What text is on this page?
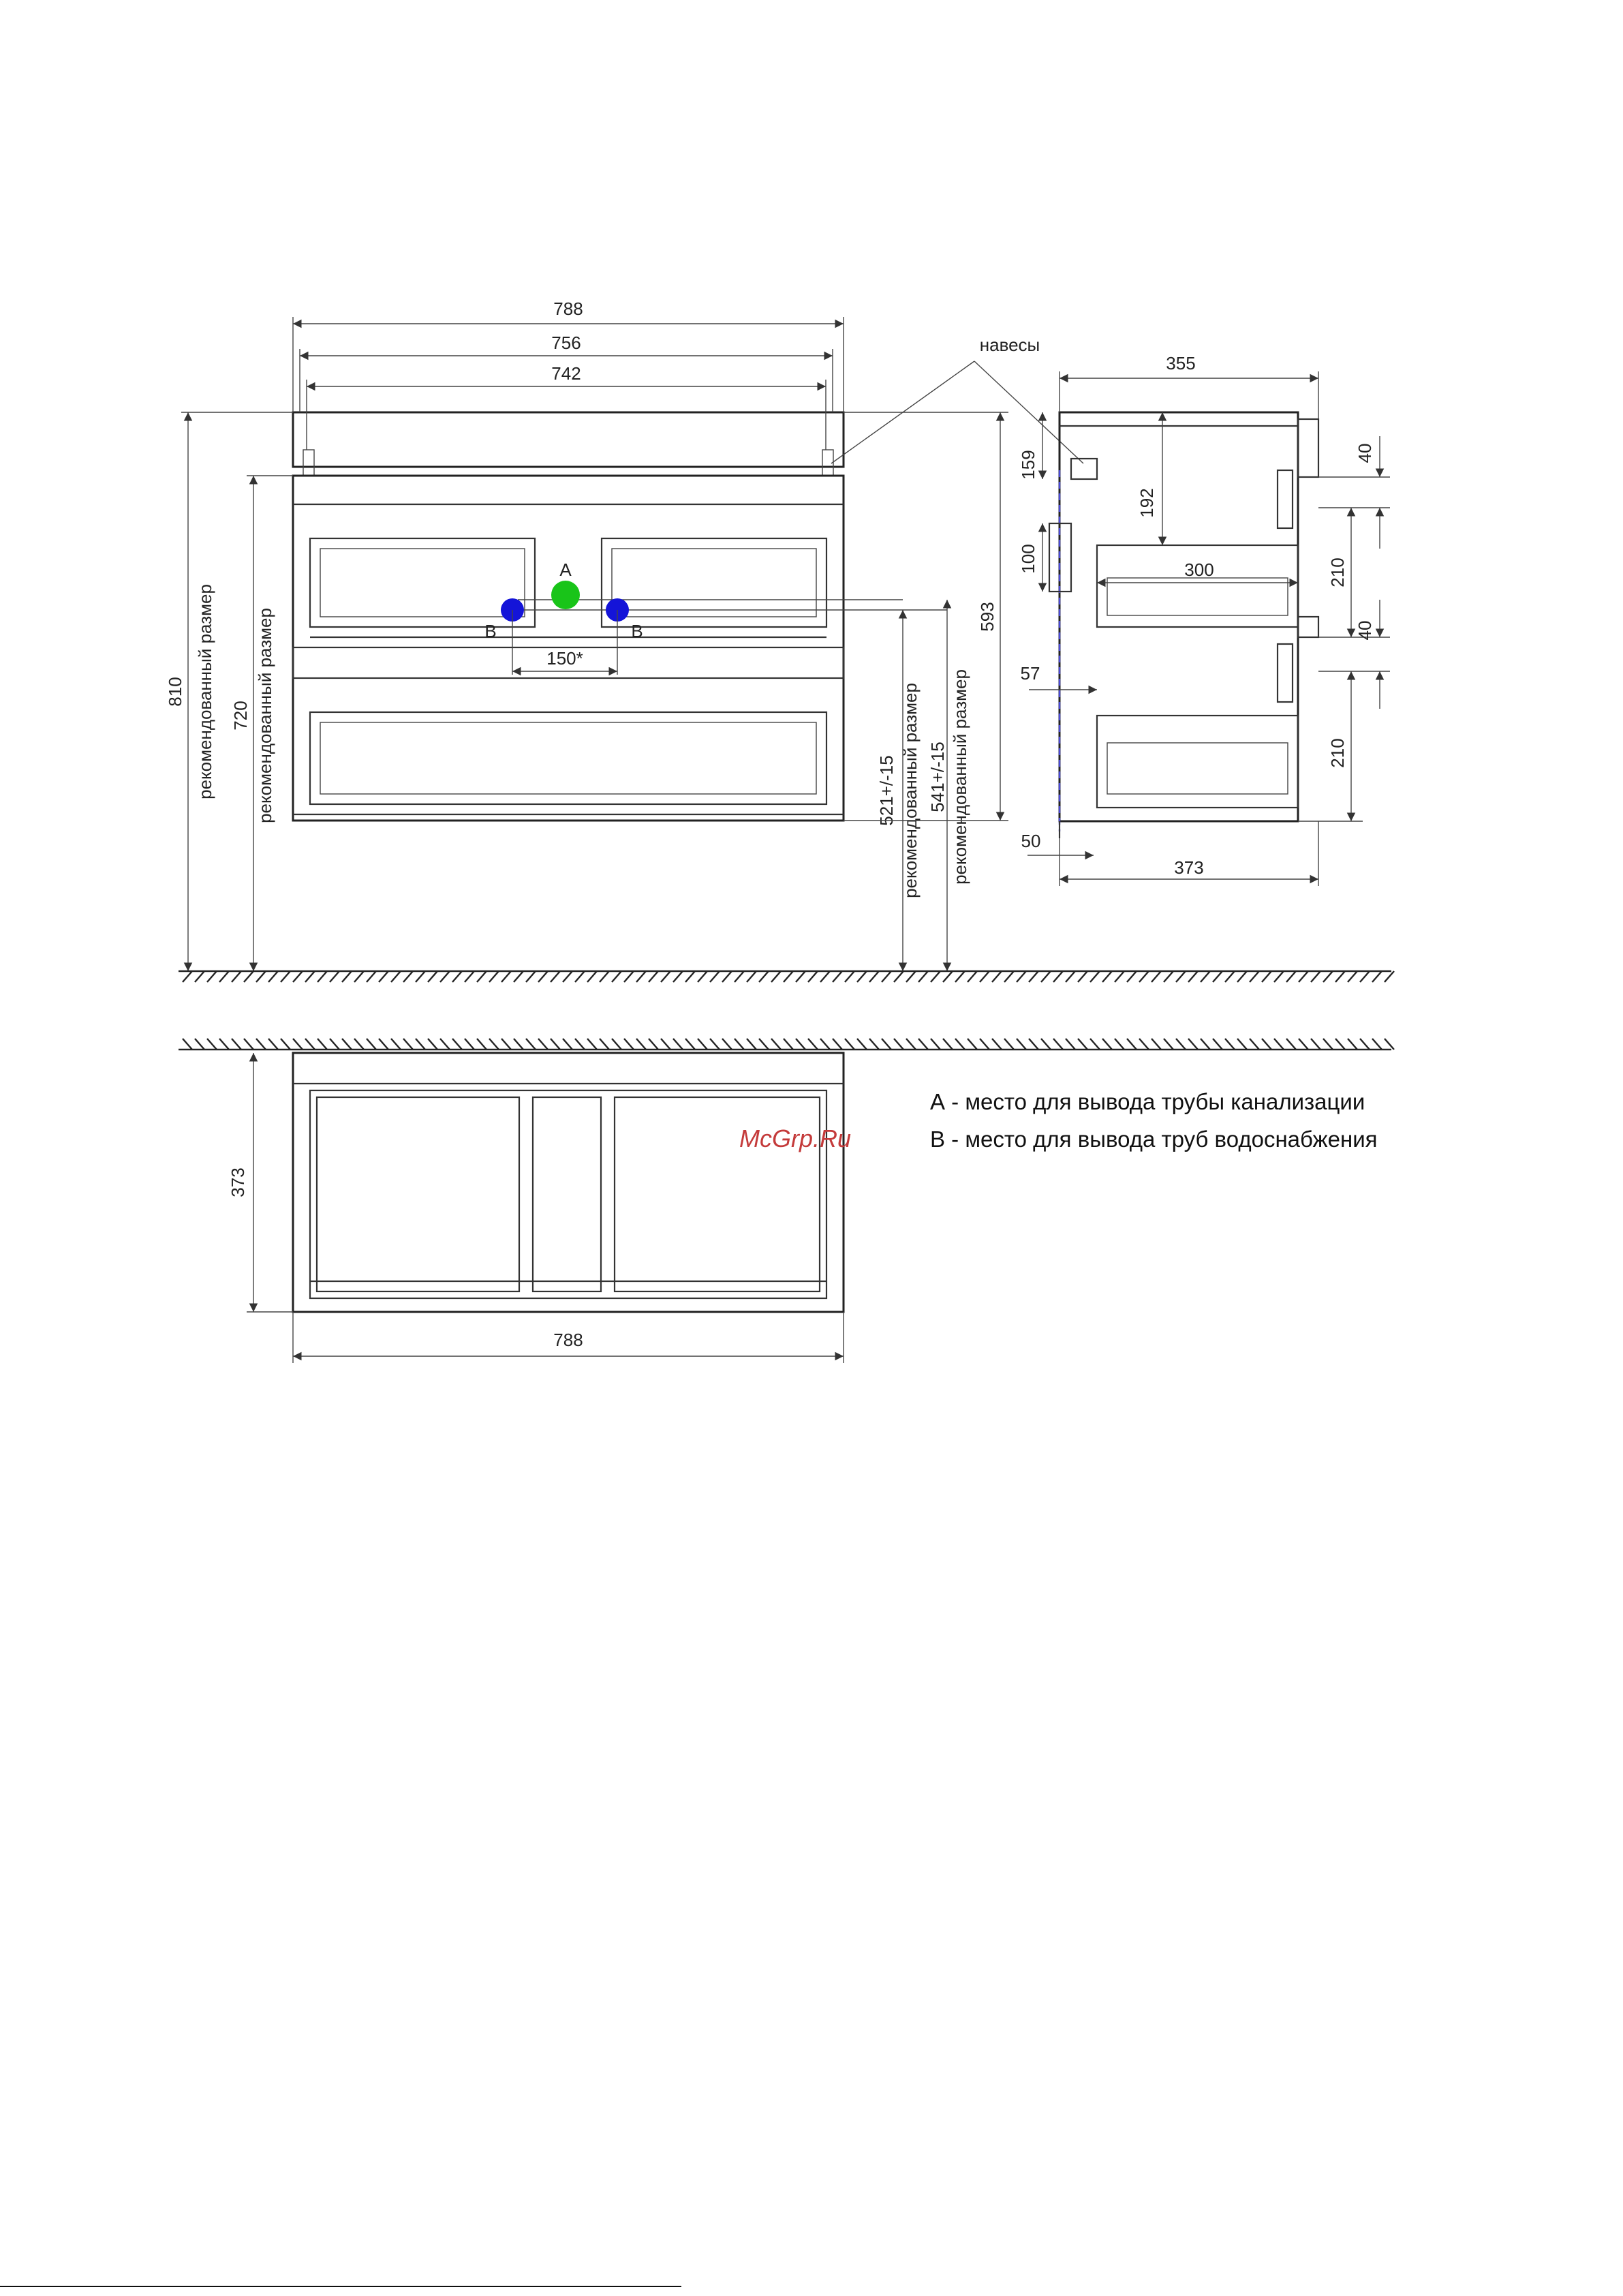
788
756
742
A
B	B
150*
810 рекомендованный размер 720 рекомендованный размер	521+/-15 рекомендованный размер 541+/-15 рекомендованный размер
593
навесы
355
159
192
100	300
57
50
373
40
210
40
210
373
788
McGrp.Ru
А - место для вывода трубы канализации
В - место для вывода труб водоснабжения
